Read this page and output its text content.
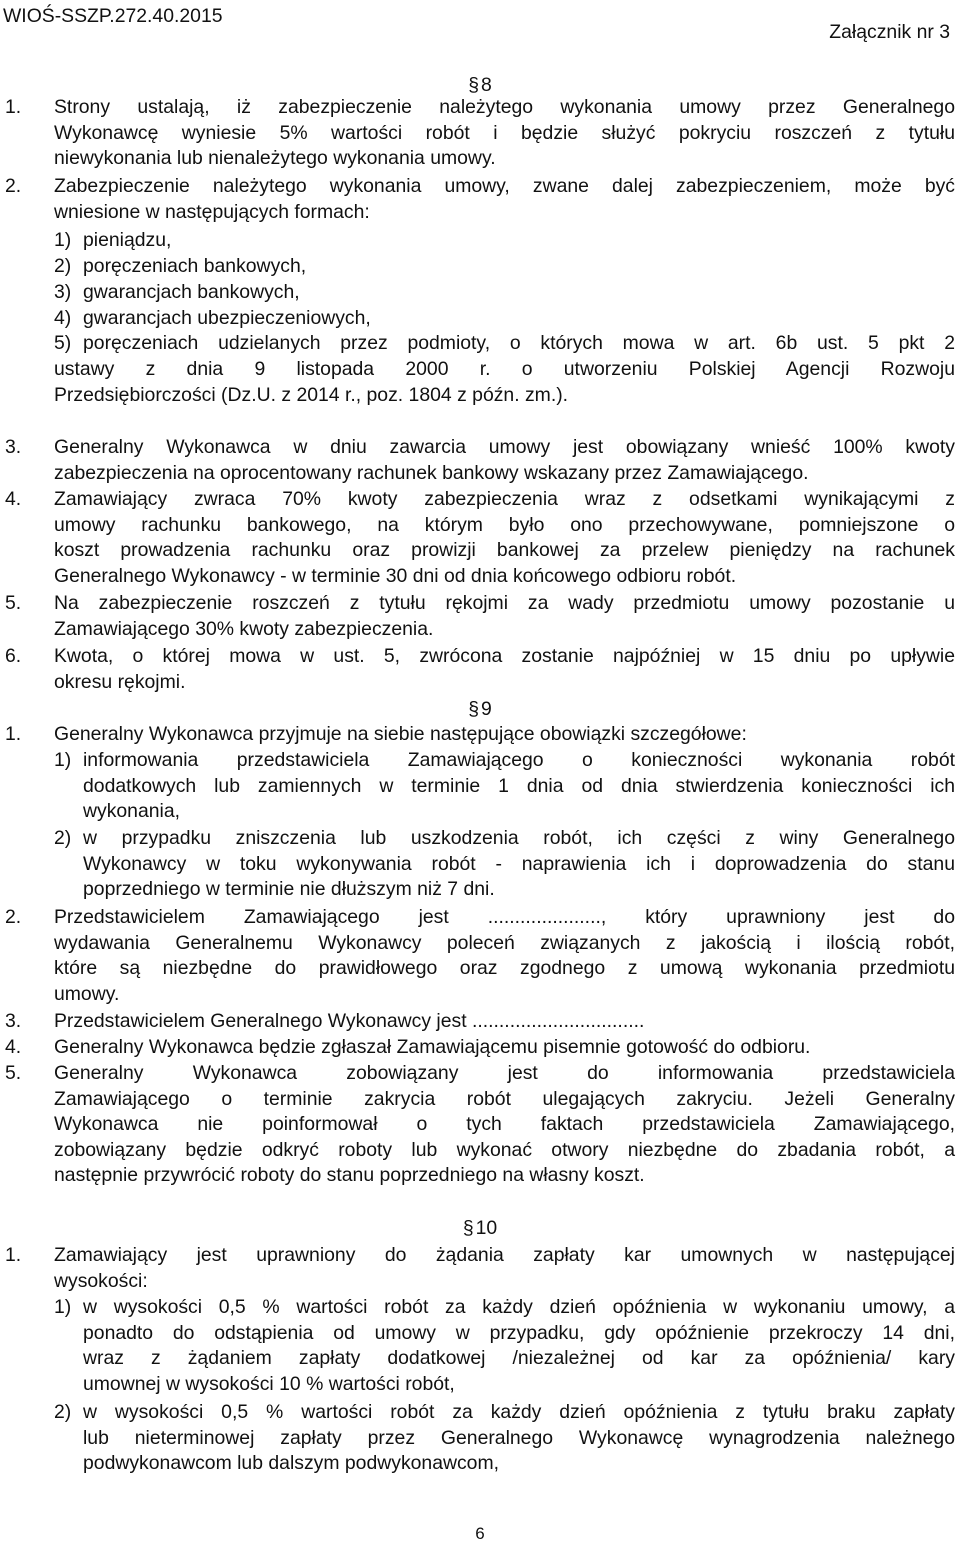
WIOŚ-SSZP.272.40.2015
Załącznik nr 3
§ 8
1. Strony ustalają, iż zabezpieczenie należytego wykonania umowy przez Generalnego
Wykonawcę wyniesie 5% wartości robót i będzie służyć pokryciu roszczeń z tytułu
niewykonania lub nienależytego wykonania umowy.
2. Zabezpieczenie należytego wykonania umowy, zwane dalej zabezpieczeniem, może być
wniesione w następujących formach:
1) pieniądzu,
2) poręczeniach bankowych,
3) gwarancjach bankowych,
4) gwarancjach ubezpieczeniowych,
5) poręczeniach udzielanych przez podmioty, o których mowa w art. 6b ust. 5 pkt 2
ustawy z dnia 9 listopada 2000 r. o utworzeniu Polskiej Agencji Rozwoju
Przedsiębiorczości (Dz.U. z 2014 r., poz. 1804 z późn. zm.).
3. Generalny Wykonawca w dniu zawarcia umowy jest obowiązany wnieść 100% kwoty
zabezpieczenia na oprocentowany rachunek bankowy wskazany przez Zamawiającego.
4. Zamawiający zwraca 70% kwoty zabezpieczenia wraz z odsetkami wynikającymi z
umowy rachunku bankowego, na którym było ono przechowywane, pomniejszone o
koszt prowadzenia rachunku oraz prowizji bankowej za przelew pieniędzy na rachunek
Generalnego Wykonawcy - w terminie 30 dni od dnia końcowego odbioru robót.
5. Na zabezpieczenie roszczeń z tytułu rękojmi za wady przedmiotu umowy pozostanie u
Zamawiającego 30% kwoty zabezpieczenia.
6. Kwota, o której mowa w ust. 5, zwrócona zostanie najpóźniej w 15 dniu po upływie
okresu rękojmi.
§ 9
1. Generalny Wykonawca przyjmuje na siebie następujące obowiązki szczegółowe:
1) informowania przedstawiciela Zamawiającego o konieczności wykonania robót
dodatkowych lub zamiennych w terminie 1 dnia od dnia stwierdzenia konieczności ich
wykonania,
2) w przypadku zniszczenia lub uszkodzenia robót, ich części z winy Generalnego
Wykonawcy w toku wykonywania robót - naprawienia ich i doprowadzenia do stanu
poprzedniego w terminie nie dłuższym niż 7 dni.
2. Przedstawicielem Zamawiającego jest ....................., który uprawniony jest do
wydawania Generalnemu Wykonawcy poleceń związanych z jakością i ilością robót,
które są niezbędne do prawidłowego oraz zgodnego z umową wykonania przedmiotu
umowy.
3. Przedstawicielem Generalnego Wykonawcy jest ................................
4. Generalny Wykonawca będzie zgłaszał Zamawiającemu pisemnie gotowość do odbioru.
5. Generalny Wykonawca zobowiązany jest do informowania przedstawiciela
Zamawiającego o terminie zakrycia robót ulegających zakryciu. Jeżeli Generalny
Wykonawca nie poinformował o tych faktach przedstawiciela Zamawiającego,
zobowiązany będzie odkryć roboty lub wykonać otwory niezbędne do zbadania robót, a
następnie przywrócić roboty do stanu poprzedniego na własny koszt.
§ 10
1. Zamawiający jest uprawniony do żądania zapłaty kar umownych w następującej
wysokości:
1) w wysokości 0,5 % wartości robót za każdy dzień opóźnienia w wykonaniu umowy, a
ponadto do odstąpienia od umowy w przypadku, gdy opóźnienie przekroczy 14 dni,
wraz z żądaniem zapłaty dodatkowej /niezależnej od kar za opóźnienia/ kary
umownej w wysokości 10 % wartości robót,
2) w wysokości 0,5 % wartości robót za każdy dzień opóźnienia z tytułu braku zapłaty
lub nieterminowej zapłaty przez Generalnego Wykonawcę wynagrodzenia należnego
podwykonawcom lub dalszym podwykonawcom,
6
